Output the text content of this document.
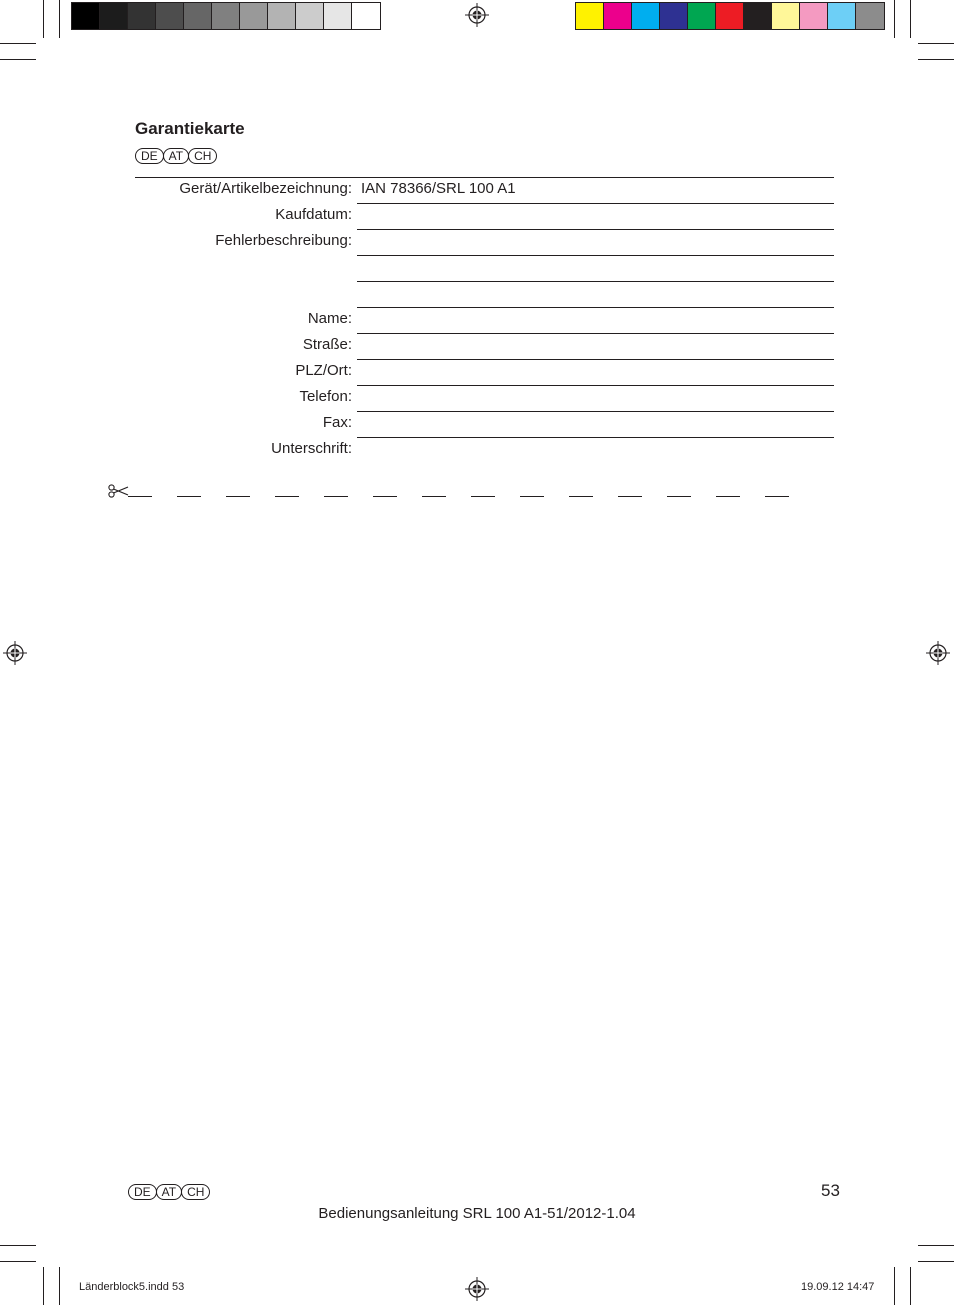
Garantiekarte
DE AT CH
Gerät/Artikelbezeichnung: IAN 78366/SRL 100 A1
Kaufdatum:
Fehlerbeschreibung:
Name:
Straße:
PLZ/Ort:
Telefon:
Fax:
Unterschrift:
DE AT CH	53
Bedienungsanleitung SRL 100 A1-51/2012-1.04
Länderblock5.indd 53	19.09.12 14:47
